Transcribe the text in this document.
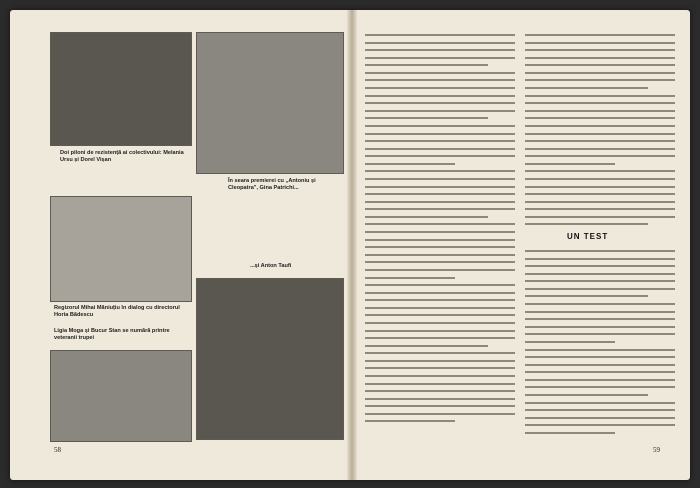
Doi piloni de rezistență ai colectivului: Melania Ursu și Dorel Vișan
În seara premierei cu „Antoniu și Cleopatra", Gina Patrichi...
Regizorul Mihai Măniuțiu în dialog cu directorul Horia Bădescu
...și Anton Taufi
Ligia Moga și Bucur Stan se numără printre veteranii trupei
58
UN TEST
59
